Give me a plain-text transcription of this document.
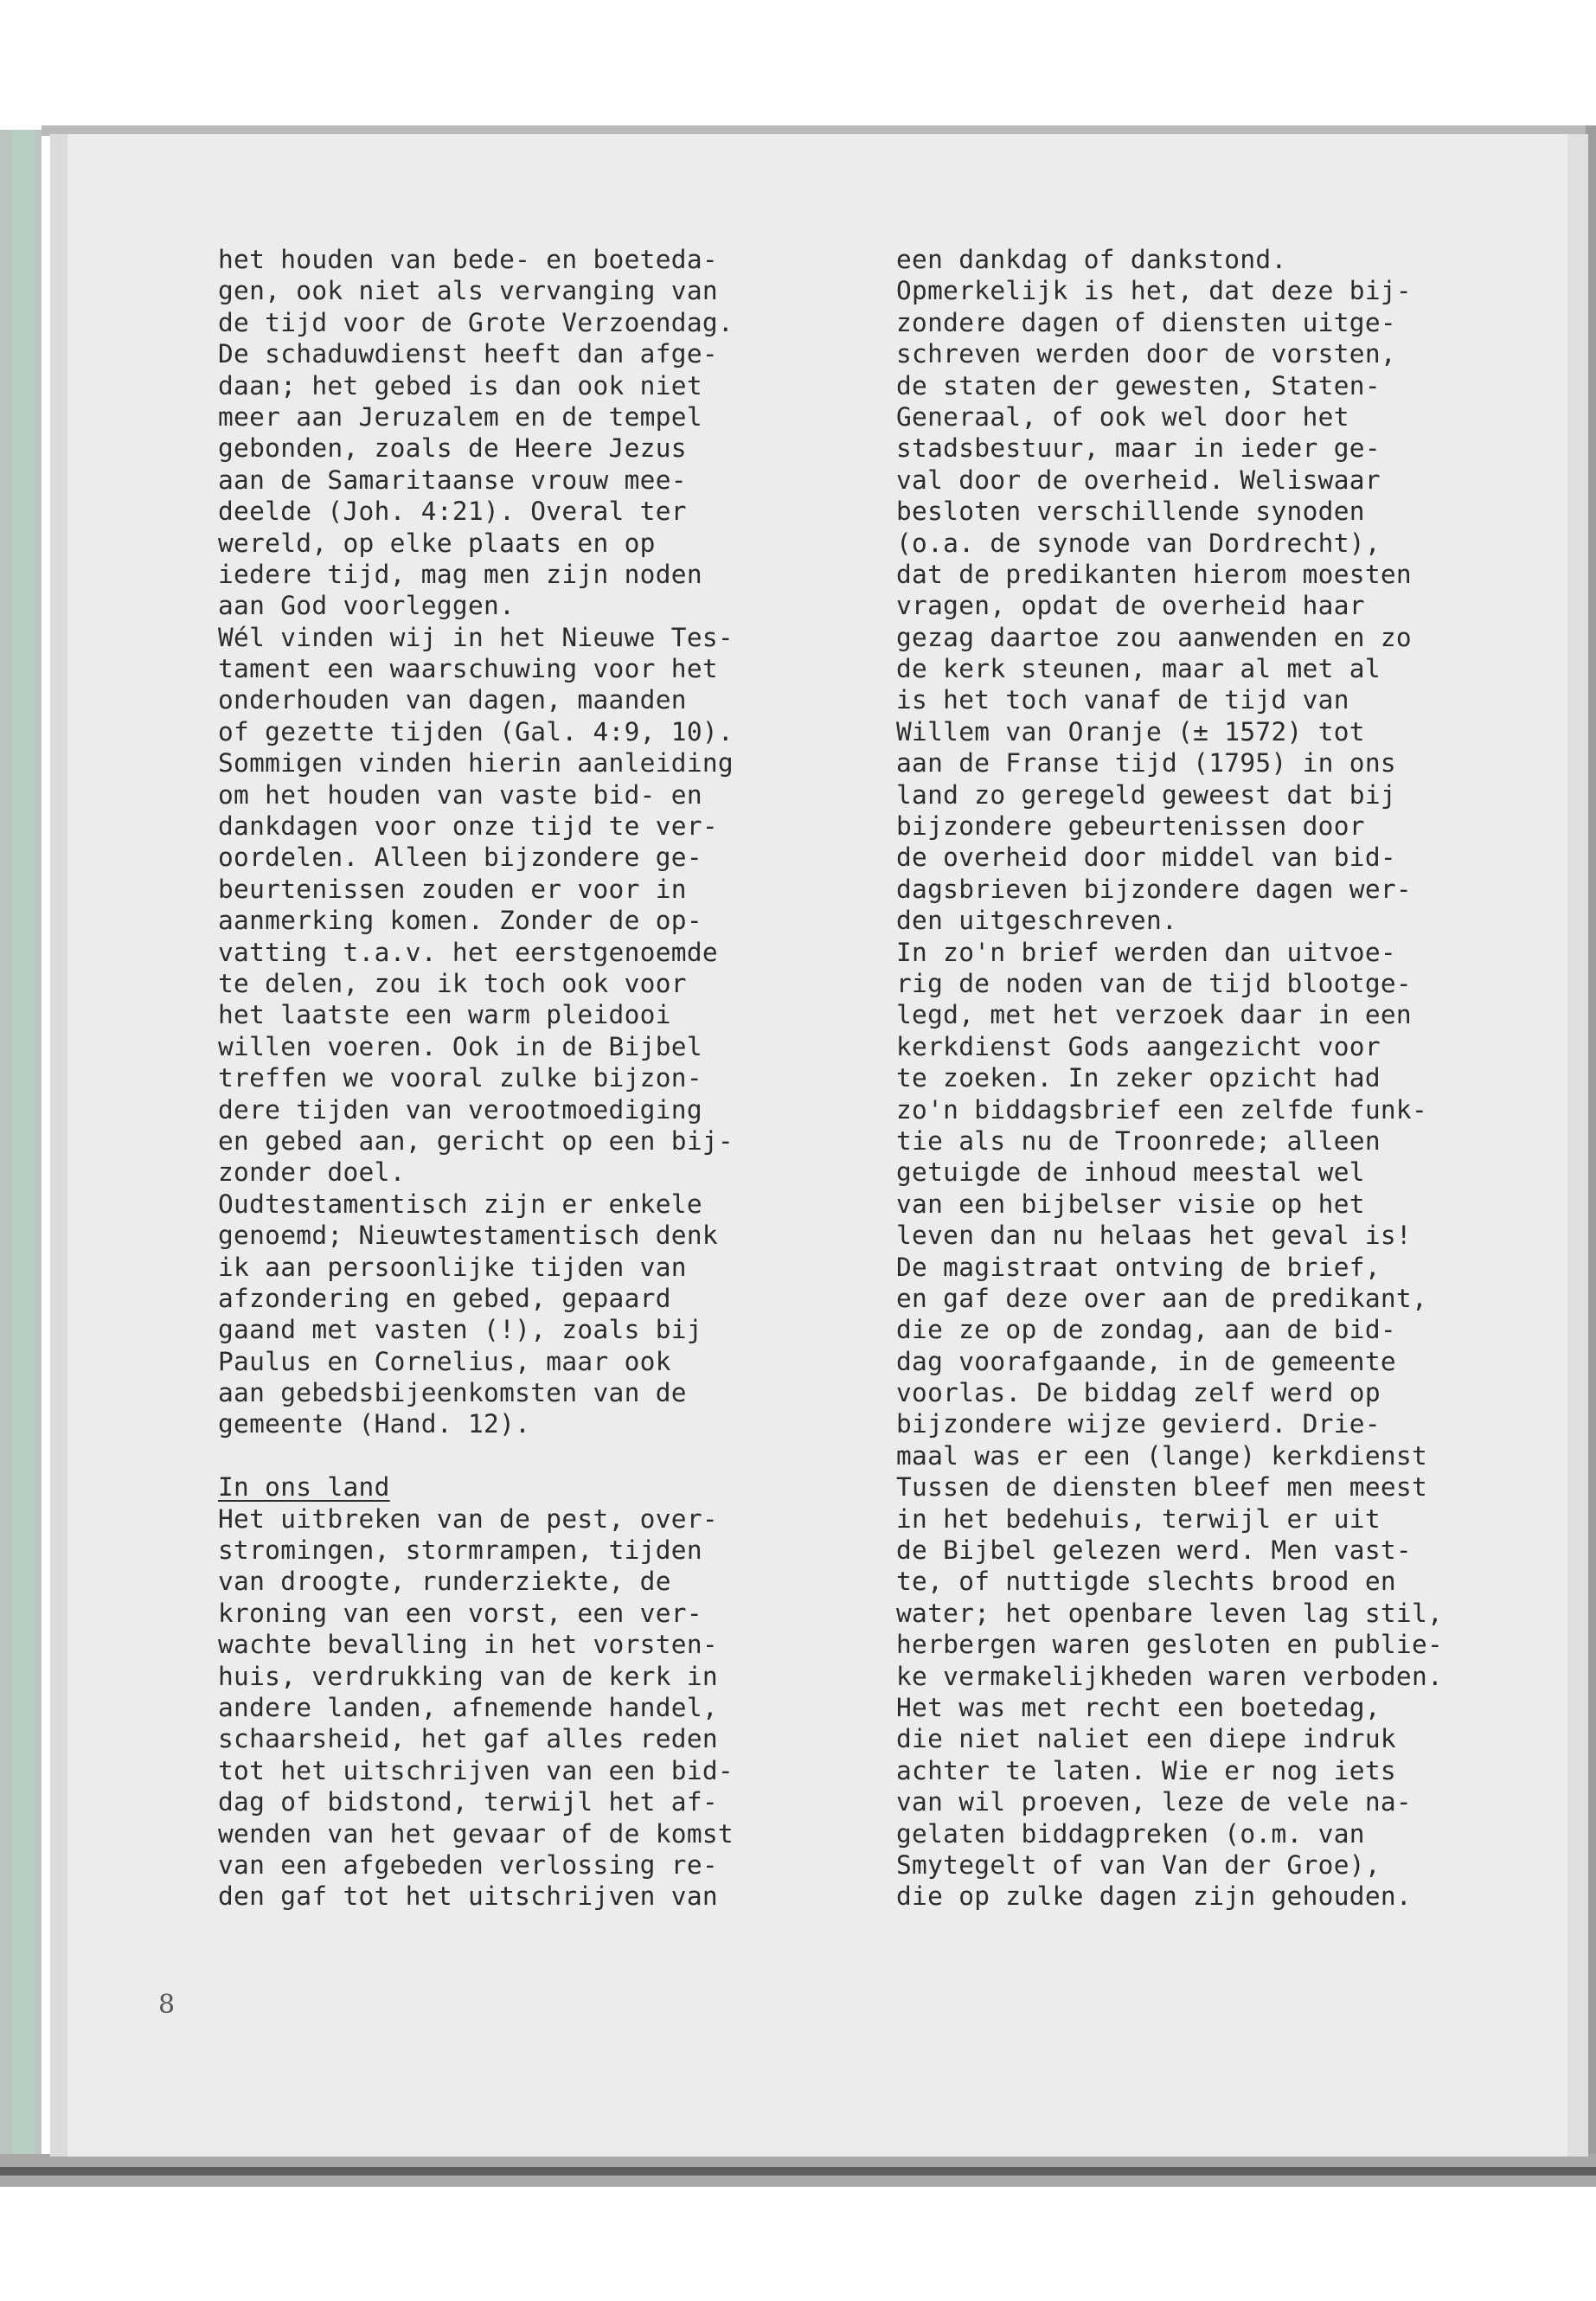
het houden van bede- en boeteda-
gen, ook niet als vervanging van
de tijd voor de Grote Verzoendag.
De schaduwdienst heeft dan afge-
daan; het gebed is dan ook niet
meer aan Jeruzalem en de tempel
gebonden, zoals de Heere Jezus
aan de Samaritaanse vrouw mee-
deelde (Joh. 4:21). Overal ter
wereld, op elke plaats en op
iedere tijd, mag men zijn noden
aan God voorleggen.
Wél vinden wij in het Nieuwe Tes-
tament een waarschuwing voor het
onderhouden van dagen, maanden
of gezette tijden (Gal. 4:9, 10).
Sommigen vinden hierin aanleiding
om het houden van vaste bid- en
dankdagen voor onze tijd te ver-
oordelen. Alleen bijzondere ge-
beurtenissen zouden er voor in
aanmerking komen. Zonder de op-
vatting t.a.v. het eerstgenoemde
te delen, zou ik toch ook voor
het laatste een warm pleidooi
willen voeren. Ook in de Bijbel
treffen we vooral zulke bijzon-
dere tijden van verootmoediging
en gebed aan, gericht op een bij-
zonder doel.
Oudtestamentisch zijn er enkele
genoemd; Nieuwtestamentisch denk
ik aan persoonlijke tijden van
afzondering en gebed, gepaard
gaand met vasten (!), zoals bij
Paulus en Cornelius, maar ook
aan gebedsbijeenkomsten van de
gemeente (Hand. 12).
In ons land
Het uitbreken van de pest, over-
stromingen, stormrampen, tijden
van droogte, runderziekte, de
kroning van een vorst, een ver-
wachte bevalling in het vorsten-
huis, verdrukking van de kerk in
andere landen, afnemende handel,
schaarsheid, het gaf alles reden
tot het uitschrijven van een bid-
dag of bidstond, terwijl het af-
wenden van het gevaar of de komst
van een afgebeden verlossing re-
den gaf tot het uitschrijven van
een dankdag of dankstond.
Opmerkelijk is het, dat deze bij-
zondere dagen of diensten uitge-
schreven werden door de vorsten,
de staten der gewesten, Staten-
Generaal, of ook wel door het
stadsbestuur, maar in ieder ge-
val door de overheid. Weliswaar
besloten verschillende synoden
(o.a. de synode van Dordrecht),
dat de predikanten hierom moesten
vragen, opdat de overheid haar
gezag daartoe zou aanwenden en zo
de kerk steunen, maar al met al
is het toch vanaf de tijd van
Willem van Oranje (± 1572) tot
aan de Franse tijd (1795) in ons
land zo geregeld geweest dat bij
bijzondere gebeurtenissen door
de overheid door middel van bid-
dagsbrieven bijzondere dagen wer-
den uitgeschreven.
In zo'n brief werden dan uitvoe-
rig de noden van de tijd blootge-
legd, met het verzoek daar in een
kerkdienst Gods aangezicht voor
te zoeken. In zeker opzicht had
zo'n biddagsbrief een zelfde funk-
tie als nu de Troonrede; alleen
getuigde de inhoud meestal wel
van een bijbelser visie op het
leven dan nu helaas het geval is!
De magistraat ontving de brief,
en gaf deze over aan de predikant,
die ze op de zondag, aan de bid-
dag voorafgaande, in de gemeente
voorlas. De biddag zelf werd op
bijzondere wijze gevierd. Drie-
maal was er een (lange) kerkdienst
Tussen de diensten bleef men meest
in het bedehuis, terwijl er uit
de Bijbel gelezen werd. Men vast-
te, of nuttigde slechts brood en
water; het openbare leven lag stil,
herbergen waren gesloten en publie-
ke vermakelijkheden waren verboden.
Het was met recht een boetedag,
die niet naliet een diepe indruk
achter te laten. Wie er nog iets
van wil proeven, leze de vele na-
gelaten biddagpreken (o.m. van
Smytegelt of van Van der Groe),
die op zulke dagen zijn gehouden.
8
